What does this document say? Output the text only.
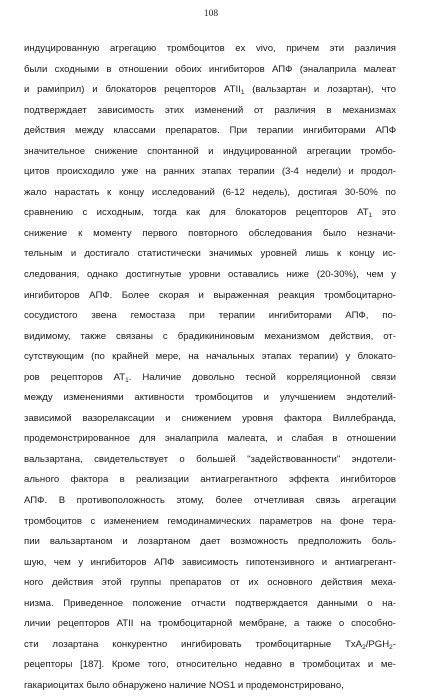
108
индуцированную агрегацию тромбоцитов ex vivo, причем эти различия
были сходными в отношении обоих ингибиторов АПФ (эналаприла малеат
и рамиприл) и блокаторов рецепторов $ATII_1$ (вальзартан и лозартан), что
подтверждает зависимость этих изменений от различия в механизмах
действия между классами препаратов. При терапии ингибиторами АПФ
значительное снижение спонтанной и индуцированной агрегации тромбо-
цитов происходило уже на ранних этапах терапии (3-4 недели) и продол-
жало нарастать к концу исследований (6-12 недель), достигая 30-50% по
сравнению с исходным, тогда как для блокаторов рецепторов $AT_1$ это
снижение к моменту первого повторного обследования было незначи-
тельным и достигало статистически значимых уровней лишь к концу ис-
следования, однако достигнутые уровни оставались ниже (20-30%), чем у
ингибиторов АПФ. Более скорая и выраженная реакция тромбоцитарно-
сосудистого звена гемостаза при терапии ингибиторами АПФ, по-
видимому, также связаны с брадикининовым механизмом действия, от-
сутствующим (по крайней мере, на начальных этапах терапии) у блокато-
ров рецепторов $AT_1$. Наличие довольно тесной корреляционной связи
между изменениями активности тромбоцитов и улучшением эндотелий-
зависимой вазорелаксации и снижением уровня фактора Виллебранда,
продемонстрированное для эналаприла малеата, и слабая в отношении
вальзартана, свидетельствует о большей "задействованности" эндотели-
ального фактора в реализации антиагрегантного эффекта ингибиторов
АПФ. В противоположность этому, более отчетливая связь агрегации
тромбоцитов с изменением гемодинамических параметров на фоне тера-
пии вальзартаном и лозартаном дает возможность предположить боль-
шую, чем у ингибиторов АПФ зависимость гипотензивного и антиагрегант-
ного действия этой группы препаратов от их основного действия меха-
низма. Приведенное положение отчасти подтверждается данными о на-
личии рецепторов ATII на тромбоцитарной мембране, а также о способно-
сти лозартана конкурентно ингибировать тромбоцитарные $TxA_2/PGH_2-$
рецепторы [187]. Кроме того, относительно недавно в тромбоцитах и ме-
гакариоцитах было обнаружено наличие NOS1 и продемонстрировано,
